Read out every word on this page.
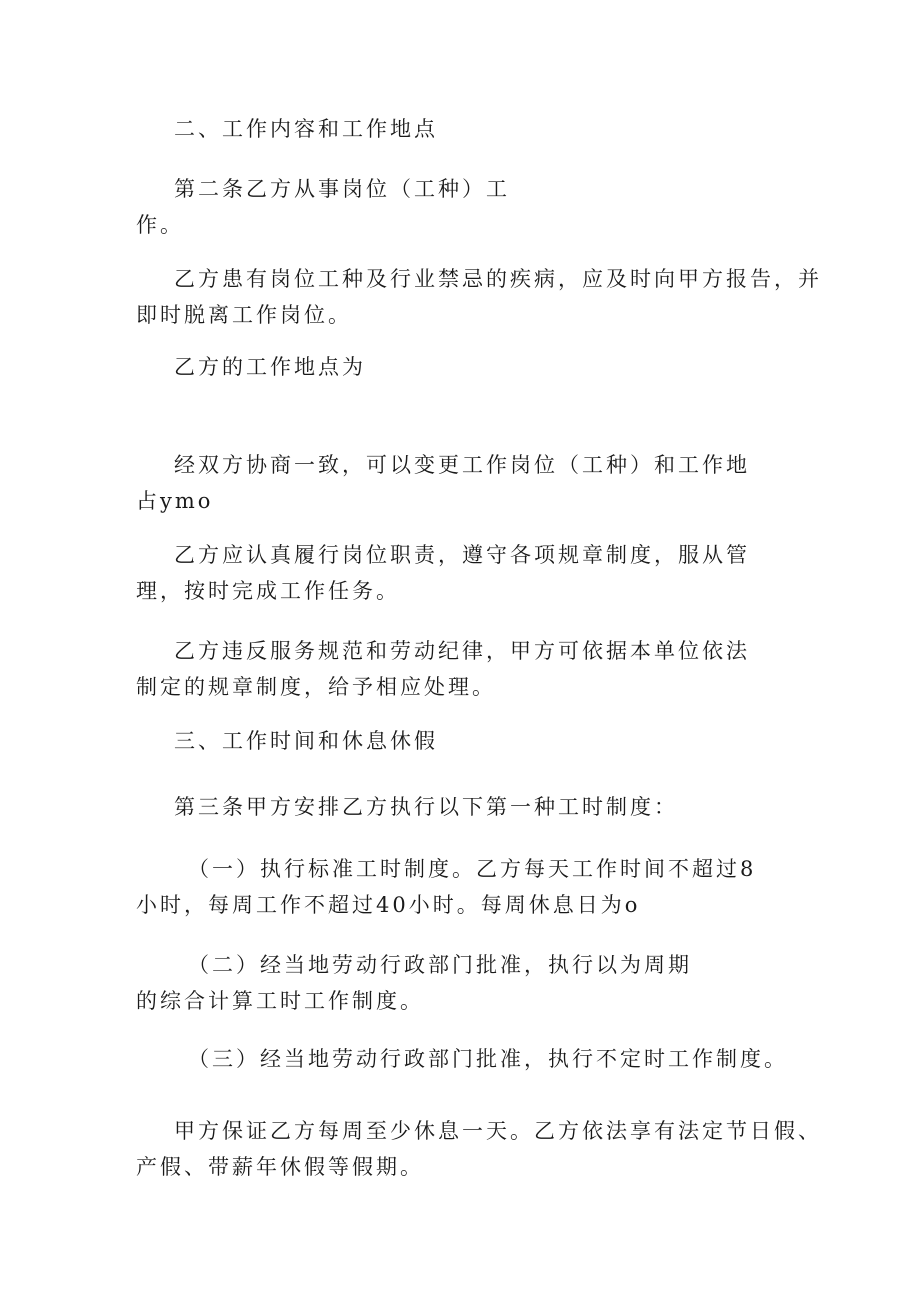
二、工作内容和工作地点

第二条乙方从事岗位（工种）工
作。

乙方患有岗位工种及行业禁忌的疾病，应及时向甲方报告，并
即时脱离工作岗位。

乙方的工作地点为

经双方协商一致，可以变更工作岗位（工种）和工作地
占ymo

乙方应认真履行岗位职责，遵守各项规章制度，服从管
理，按时完成工作任务。

乙方违反服务规范和劳动纪律，甲方可依据本单位依法
制定的规章制度，给予相应处理。

三、工作时间和休息休假

第三条甲方安排乙方执行以下第一种工时制度：

（一）执行标准工时制度。乙方每天工作时间不超过8
小时，每周工作不超过40小时。每周休息日为o

（二）经当地劳动行政部门批准，执行以为周期
的综合计算工时工作制度。

（三）经当地劳动行政部门批准，执行不定时工作制度。

甲方保证乙方每周至少休息一天。乙方依法享有法定节日假、
产假、带薪年休假等假期。
